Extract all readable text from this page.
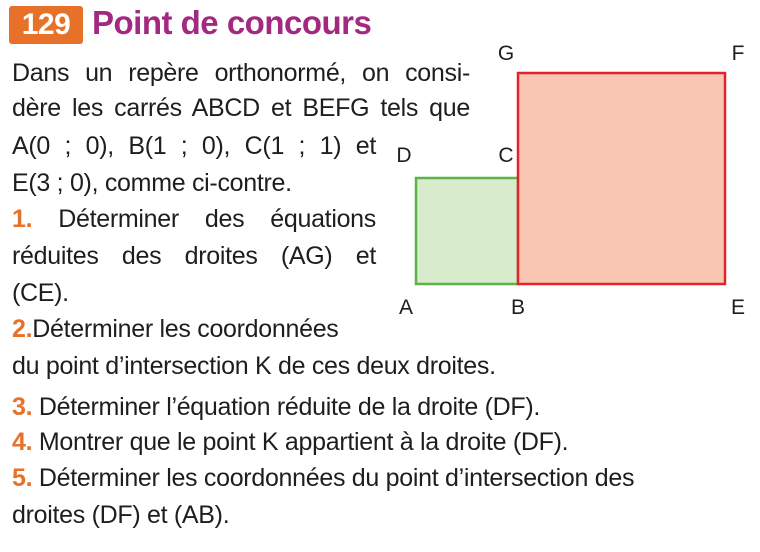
129 Point de concours
Dans un repère orthonormé, on consi-
dère les carrés ABCD et BEFG tels que
A(0 ; 0), B(1 ; 0), C(1 ; 1) et
E(3 ; 0), comme ci-contre.
1. Déterminer des équations
réduites des droites (AG) et
(CE).
2.Déterminer les coordonnées
du point d’intersection K de ces deux droites.
3. Déterminer l’équation réduite de la droite (DF).
4. Montrer que le point K appartient à la droite (DF).
5. Déterminer les coordonnées du point d’intersection des
droites (DF) et (AB).
D	C
G	F
A	B	E
